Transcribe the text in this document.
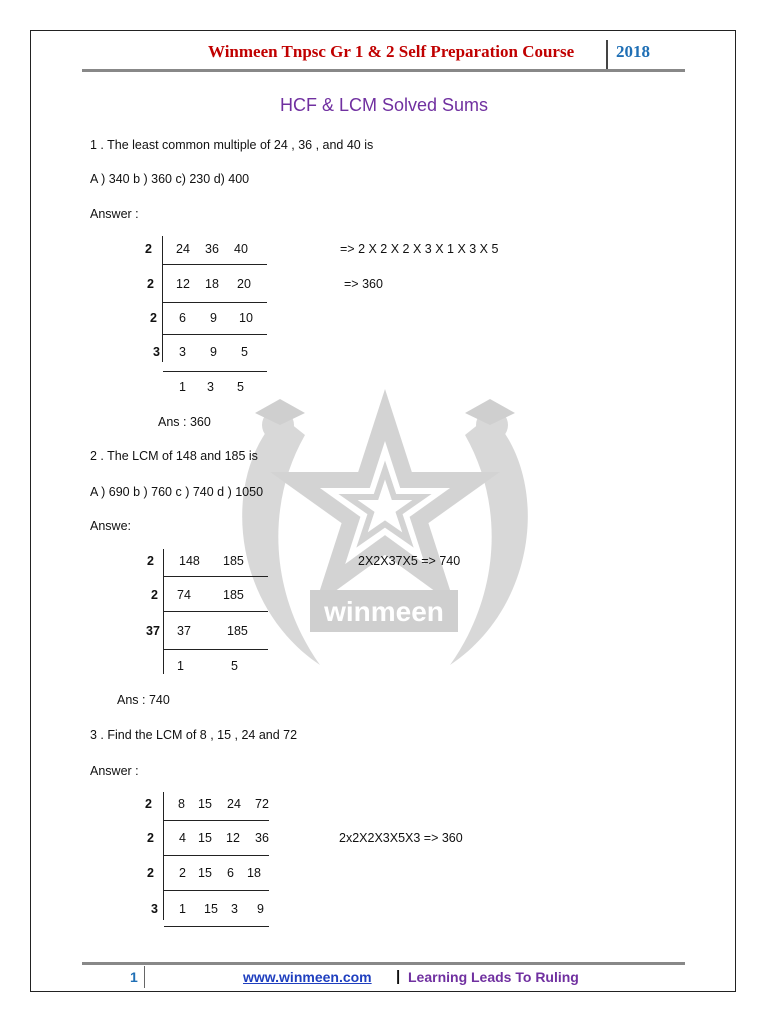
Winmeen Tnpsc Gr 1 & 2 Self Preparation Course 2018
winmeen
HCF & LCM Solved Sums
1 . The least common multiple of 24 , 36 , and 40 is
A ) 340 b ) 360 c) 230 d) 400
Answer :
2 24 36 40	=> 2 X 2 X 2 X 3 X 1 X 3 X 5
2 12 18 20	=> 360
2 6 9 10
3 3 9 5
1 3 5
Ans : 360
2 . The LCM of 148 and 185 is
A ) 690 b ) 760 c ) 740 d ) 1050
Answe:
2 148 185	2X2X37X5 => 740
2 74	185
37 37	185
1	5
Ans : 740
3 . Find the LCM of 8 , 15 , 24 and 72
Answer :
2 8 15 24 72
2 4 15 12 36	2x2X2X3X5X3 => 360
2 2 15 6 18
3 1 15 3 9
1	www.winmeen.com | Learning Leads To Ruling
